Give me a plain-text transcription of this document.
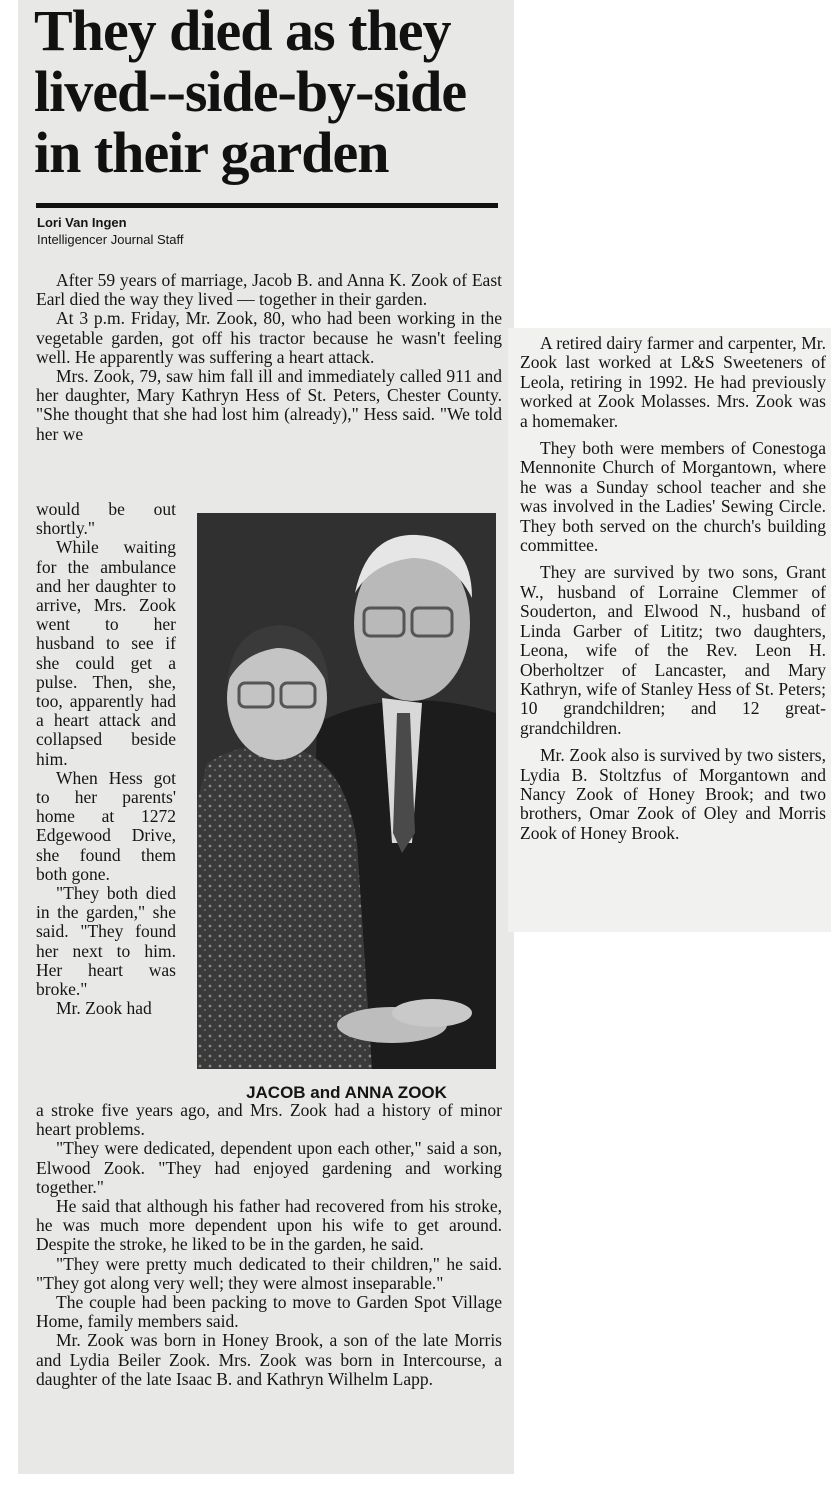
They died as they lived--side-by-side in their garden
Lori Van Ingen
Intelligencer Journal Staff

After 59 years of marriage, Jacob B. and Anna K. Zook of East Earl died the way they lived — together in their garden.

At 3 p.m. Friday, Mr. Zook, 80, who had been working in the vegetable garden, got off his tractor because he wasn't feeling well. He apparently was suffering a heart attack.

Mrs. Zook, 79, saw him fall ill and immediately called 911 and her daughter, Mary Kathryn Hess of St. Peters, Chester County. "She thought that she had lost him (already)," Hess said. "We told her we

would be out shortly."

While waiting for the ambulance and her daughter to arrive, Mrs. Zook went to her husband to see if she could get a pulse. Then, she, too, apparently had a heart attack and collapsed beside him.

When Hess got to her parents' home at 1272 Edgewood Drive, she found them both gone.

"They both died in the garden," she said. "They found her next to him. Her heart was broke."

Mr. Zook had

JACOB and ANNA ZOOK

a stroke five years ago, and Mrs. Zook had a history of minor heart problems.

"They were dedicated, dependent upon each other," said a son, Elwood Zook. "They had enjoyed gardening and working together."

He said that although his father had recovered from his stroke, he was much more dependent upon his wife to get around. Despite the stroke, he liked to be in the garden, he said.

"They were pretty much dedicated to their children," he said. "They got along very well; they were almost inseparable."

The couple had been packing to move to Garden Spot Village Home, family members said.

Mr. Zook was born in Honey Brook, a son of the late Morris and Lydia Beiler Zook. Mrs. Zook was born in Intercourse, a daughter of the late Isaac B. and Kathryn Wilhelm Lapp.

A retired dairy farmer and carpenter, Mr. Zook last worked at L&S Sweeteners of Leola, retiring in 1992. He had previously worked at Zook Molasses. Mrs. Zook was a homemaker.

They both were members of Conestoga Mennonite Church of Morgantown, where he was a Sunday school teacher and she was involved in the Ladies' Sewing Circle. They both served on the church's building committee.

They are survived by two sons, Grant W., husband of Lorraine Clemmer of Souderton, and Elwood N., husband of Linda Garber of Lititz; two daughters, Leona, wife of the Rev. Leon H. Oberholtzer of Lancaster, and Mary Kathryn, wife of Stanley Hess of St. Peters; 10 grandchildren; and 12 great-grandchildren.

Mr. Zook also is survived by two sisters, Lydia B. Stoltzfus of Morgantown and Nancy Zook of Honey Brook; and two brothers, Omar Zook of Oley and Morris Zook of Honey Brook.
